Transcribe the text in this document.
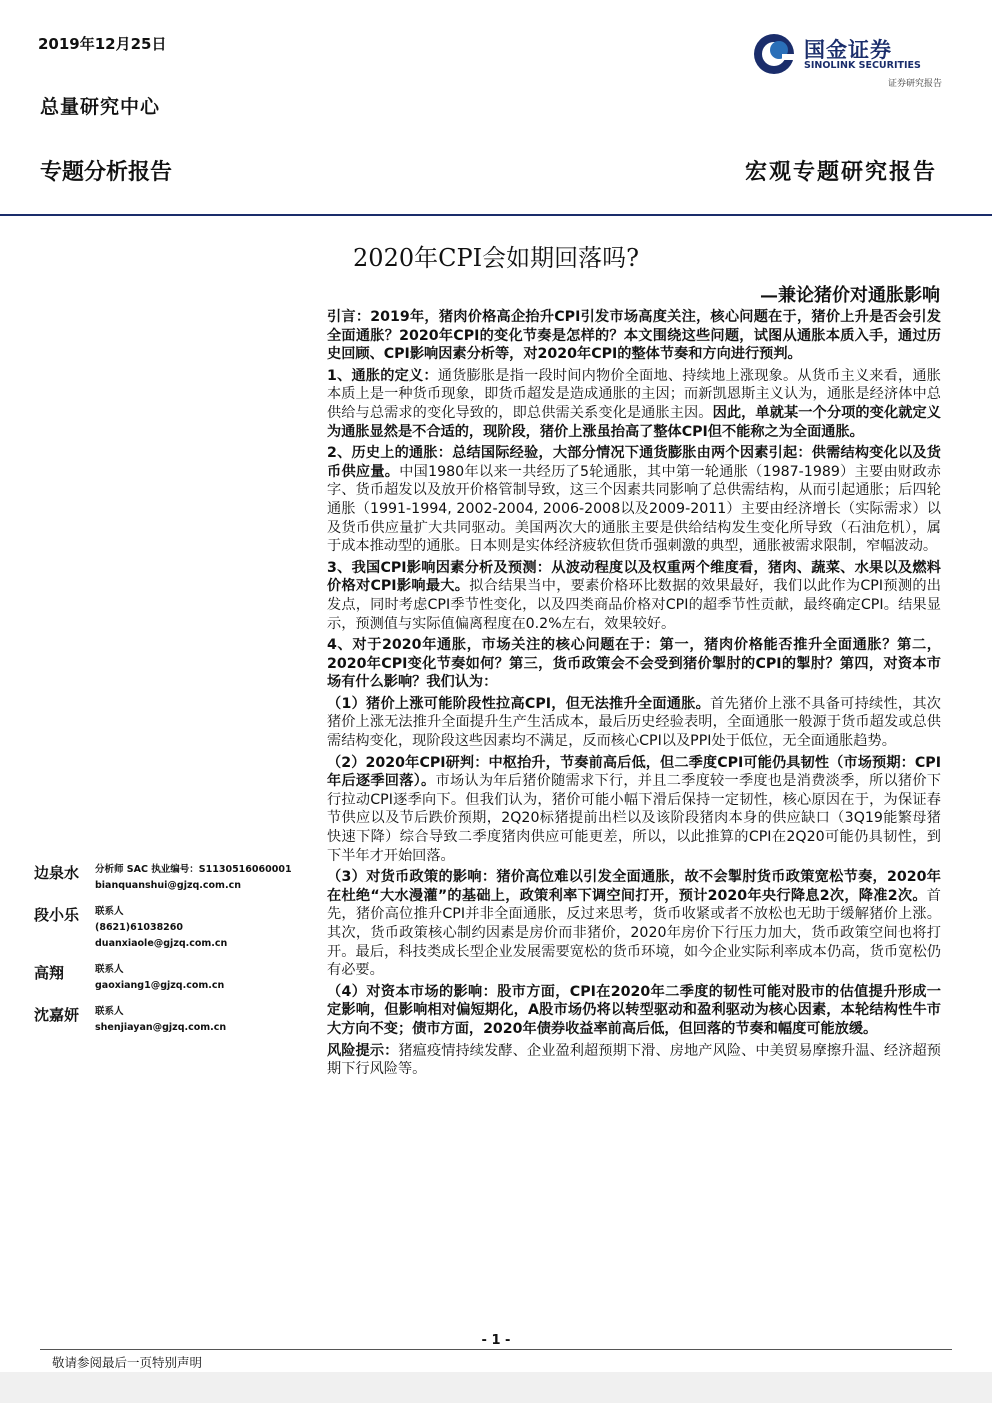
2019年12月25日
总量研究中心
专题分析报告	宏观专题研究报告
国金证券
SINOLINK SECURITIES
证券研究报告
2020年CPI会如期回落吗?
—兼论猪价对通胀影响

引言：2019年，猪肉价格高企抬升CPI引发市场高度关注，核心问题在于，猪价上升是否会引发全面通胀？2020年CPI的变化节奏是怎样的？本文围绕这些问题，试图从通胀本质入手，通过历史回顾、CPI影响因素分析等，对2020年CPI的整体节奏和方向进行预判。

1、通胀的定义：通货膨胀是指一段时间内物价全面地、持续地上涨现象。从货币主义来看，通胀本质上是一种货币现象，即货币超发是造成通胀的主因；而新凯恩斯主义认为，通胀是经济体中总供给与总需求的变化导致的，即总供需关系变化是通胀主因。因此，单就某一个分项的变化就定义为通胀显然是不合适的，现阶段，猪价上涨虽抬高了整体CPI但不能称之为全面通胀。

2、历史上的通胀：总结国际经验，大部分情况下通货膨胀由两个因素引起：供需结构变化以及货币供应量。中国1980年以来一共经历了5轮通胀，其中第一轮通胀（1987-1989）主要由财政赤字、货币超发以及放开价格管制导致，这三个因素共同影响了总供需结构，从而引起通胀；后四轮通胀（1991-1994, 2002-2004, 2006-2008以及2009-2011）主要由经济增长（实际需求）以及货币供应量扩大共同驱动。美国两次大的通胀主要是供给结构发生变化所导致（石油危机），属于成本推动型的通胀。日本则是实体经济疲软但货币强刺激的典型，通胀被需求限制，窄幅波动。

3、我国CPI影响因素分析及预测：从波动程度以及权重两个维度看，猪肉、蔬菜、水果以及燃料价格对CPI影响最大。拟合结果当中，要素价格环比数据的效果最好，我们以此作为CPI预测的出发点，同时考虑CPI季节性变化，以及四类商品价格对CPI的超季节性贡献，最终确定CPI。结果显示，预测值与实际值偏离程度在0.2%左右，效果较好。

4、对于2020年通胀，市场关注的核心问题在于：第一，猪肉价格能否推升全面通胀？第二，2020年CPI变化节奏如何？第三，货币政策会不会受到猪价掣肘的CPI的掣肘？第四，对资本市场有什么影响？我们认为：

（1）猪价上涨可能阶段性拉高CPI，但无法推升全面通胀。首先猪价上涨不具备可持续性，其次猪价上涨无法推升全面提升生产生活成本，最后历史经验表明，全面通胀一般源于货币超发或总供需结构变化，现阶段这些因素均不满足，反而核心CPI以及PPI处于低位，无全面通胀趋势。

（2）2020年CPI研判：中枢抬升，节奏前高后低，但二季度CPI可能仍具韧性（市场预期：CPI年后逐季回落）。市场认为年后猪价随需求下行，并且二季度较一季度也是消费淡季，所以猪价下行拉动CPI逐季向下。但我们认为，猪价可能小幅下滑后保持一定韧性，核心原因在于，为保证春节供应以及节后跌价预期，2Q20标猪提前出栏以及该阶段猪肉本身的供应缺口（3Q19能繁母猪快速下降）综合导致二季度猪肉供应可能更差，所以，以此推算的CPI在2Q20可能仍具韧性，到下半年才开始回落。

（3）对货币政策的影响：猪价高位难以引发全面通胀，故不会掣肘货币政策宽松节奏，2020年在杜绝“大水漫灌”的基础上，政策利率下调空间打开，预计2020年央行降息2次，降准2次。首先，猪价高位推升CPI并非全面通胀，反过来思考，货币收紧或者不放松也无助于缓解猪价上涨。其次，货币政策核心制约因素是房价而非猪价，2020年房价下行压力加大，货币政策空间也将打开。最后，科技类成长型企业发展需要宽松的货币环境，如今企业实际利率成本仍高，货币宽松仍有必要。

（4）对资本市场的影响：股市方面，CPI在2020年二季度的韧性可能对股市的估值提升形成一定影响，但影响相对偏短期化，A股市场仍将以转型驱动和盈利驱动为核心因素，本轮结构性牛市大方向不变；债市方面，2020年债券收益率前高后低，但回落的节奏和幅度可能放缓。

风险提示：猪瘟疫情持续发酵、企业盈利超预期下滑、房地产风险、中美贸易摩擦升温、经济超预期下行风险等。

边泉水 分析师 SAC 执业编号：S1130516060001
bianquanshui@gjzq.com.cn
段小乐 联系人
(8621)61038260
duanxiaole@gjzq.com.cn
高翔	联系人
gaoxiang1@gjzq.com.cn
沈嘉妍 联系人
shenjiayan@gjzq.com.cn
- 1 -
敬请参阅最后一页特别声明
